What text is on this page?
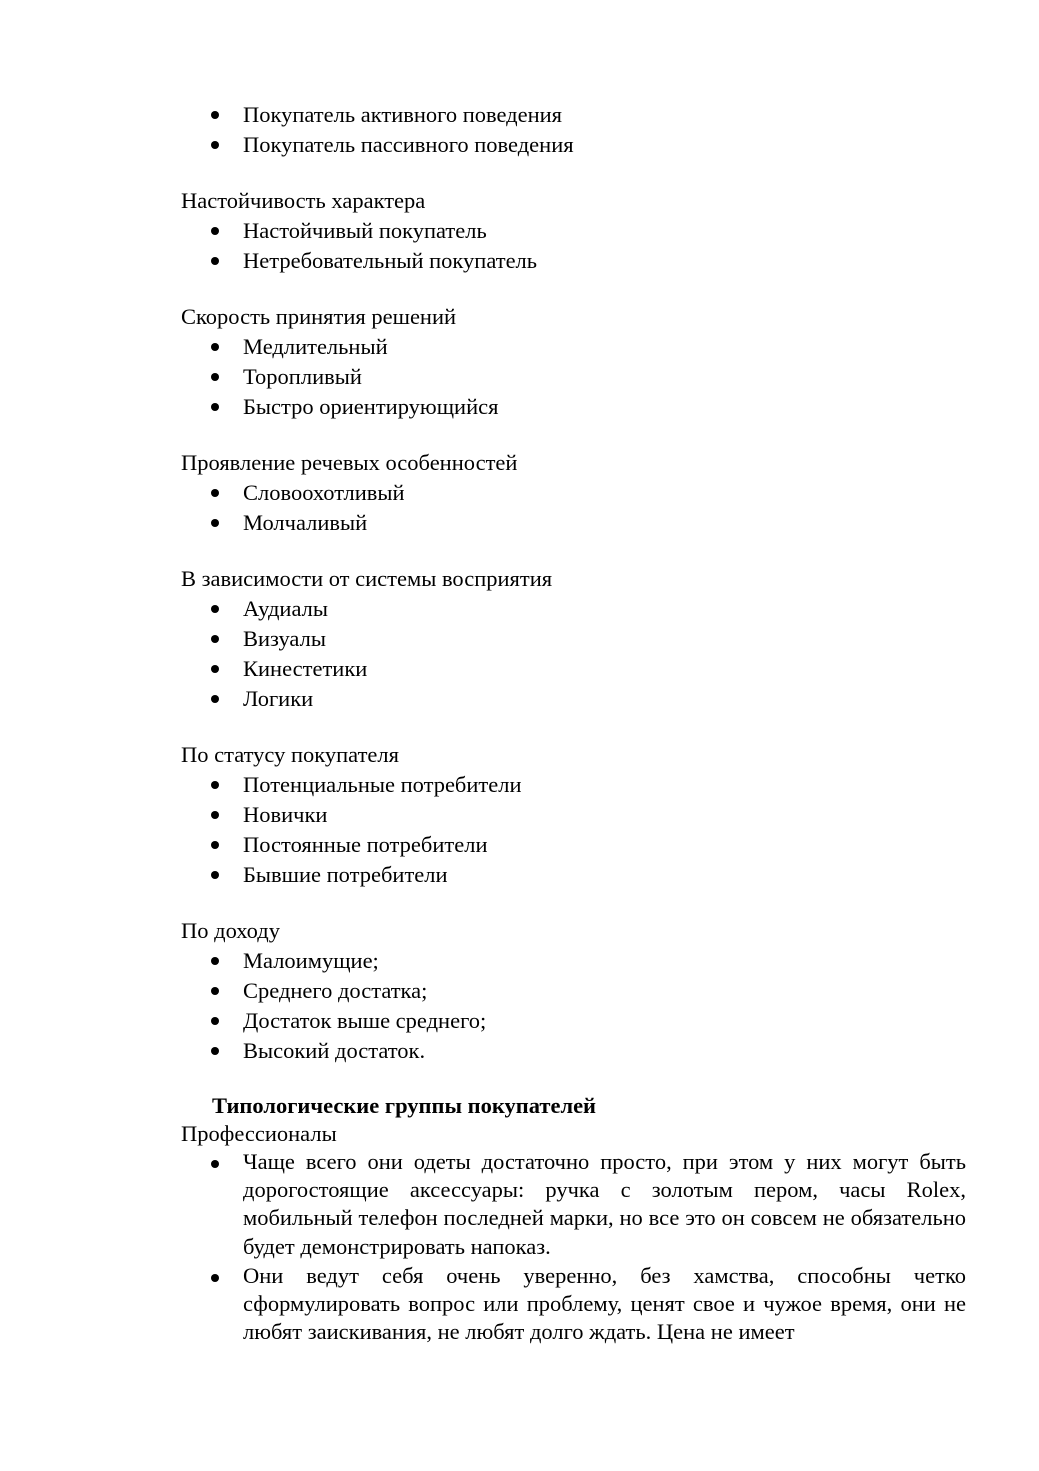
Покупатель активного поведения
Покупатель пассивного поведения
Настойчивость характера
Настойчивый покупатель
Нетребовательный покупатель
Скорость принятия решений
Медлительный
Торопливый
Быстро ориентирующийся
Проявление речевых особенностей
Словоохотливый
Молчаливый
В зависимости от системы восприятия
Аудиалы
Визуалы
Кинестетики
Логики
По статусу покупателя
Потенциальные потребители
Новички
Постоянные потребители
Бывшие потребители
По доходу
Малоимущие;
Среднего достатка;
Достаток выше среднего;
Высокий достаток.
Типологические группы покупателей
Профессионалы
Чаще всего они одеты достаточно просто, при этом у них могут быть дорогостоящие аксессуары: ручка с золотым пером, часы Rolex, мобильный телефон последней марки, но все это он совсем не обязательно будет демонстрировать напоказ.
Они ведут себя очень уверенно, без хамства, способны четко сформулировать вопрос или проблему, ценят свое и чужое время, они не любят заискивания, не любят долго ждать. Цена не имеет
